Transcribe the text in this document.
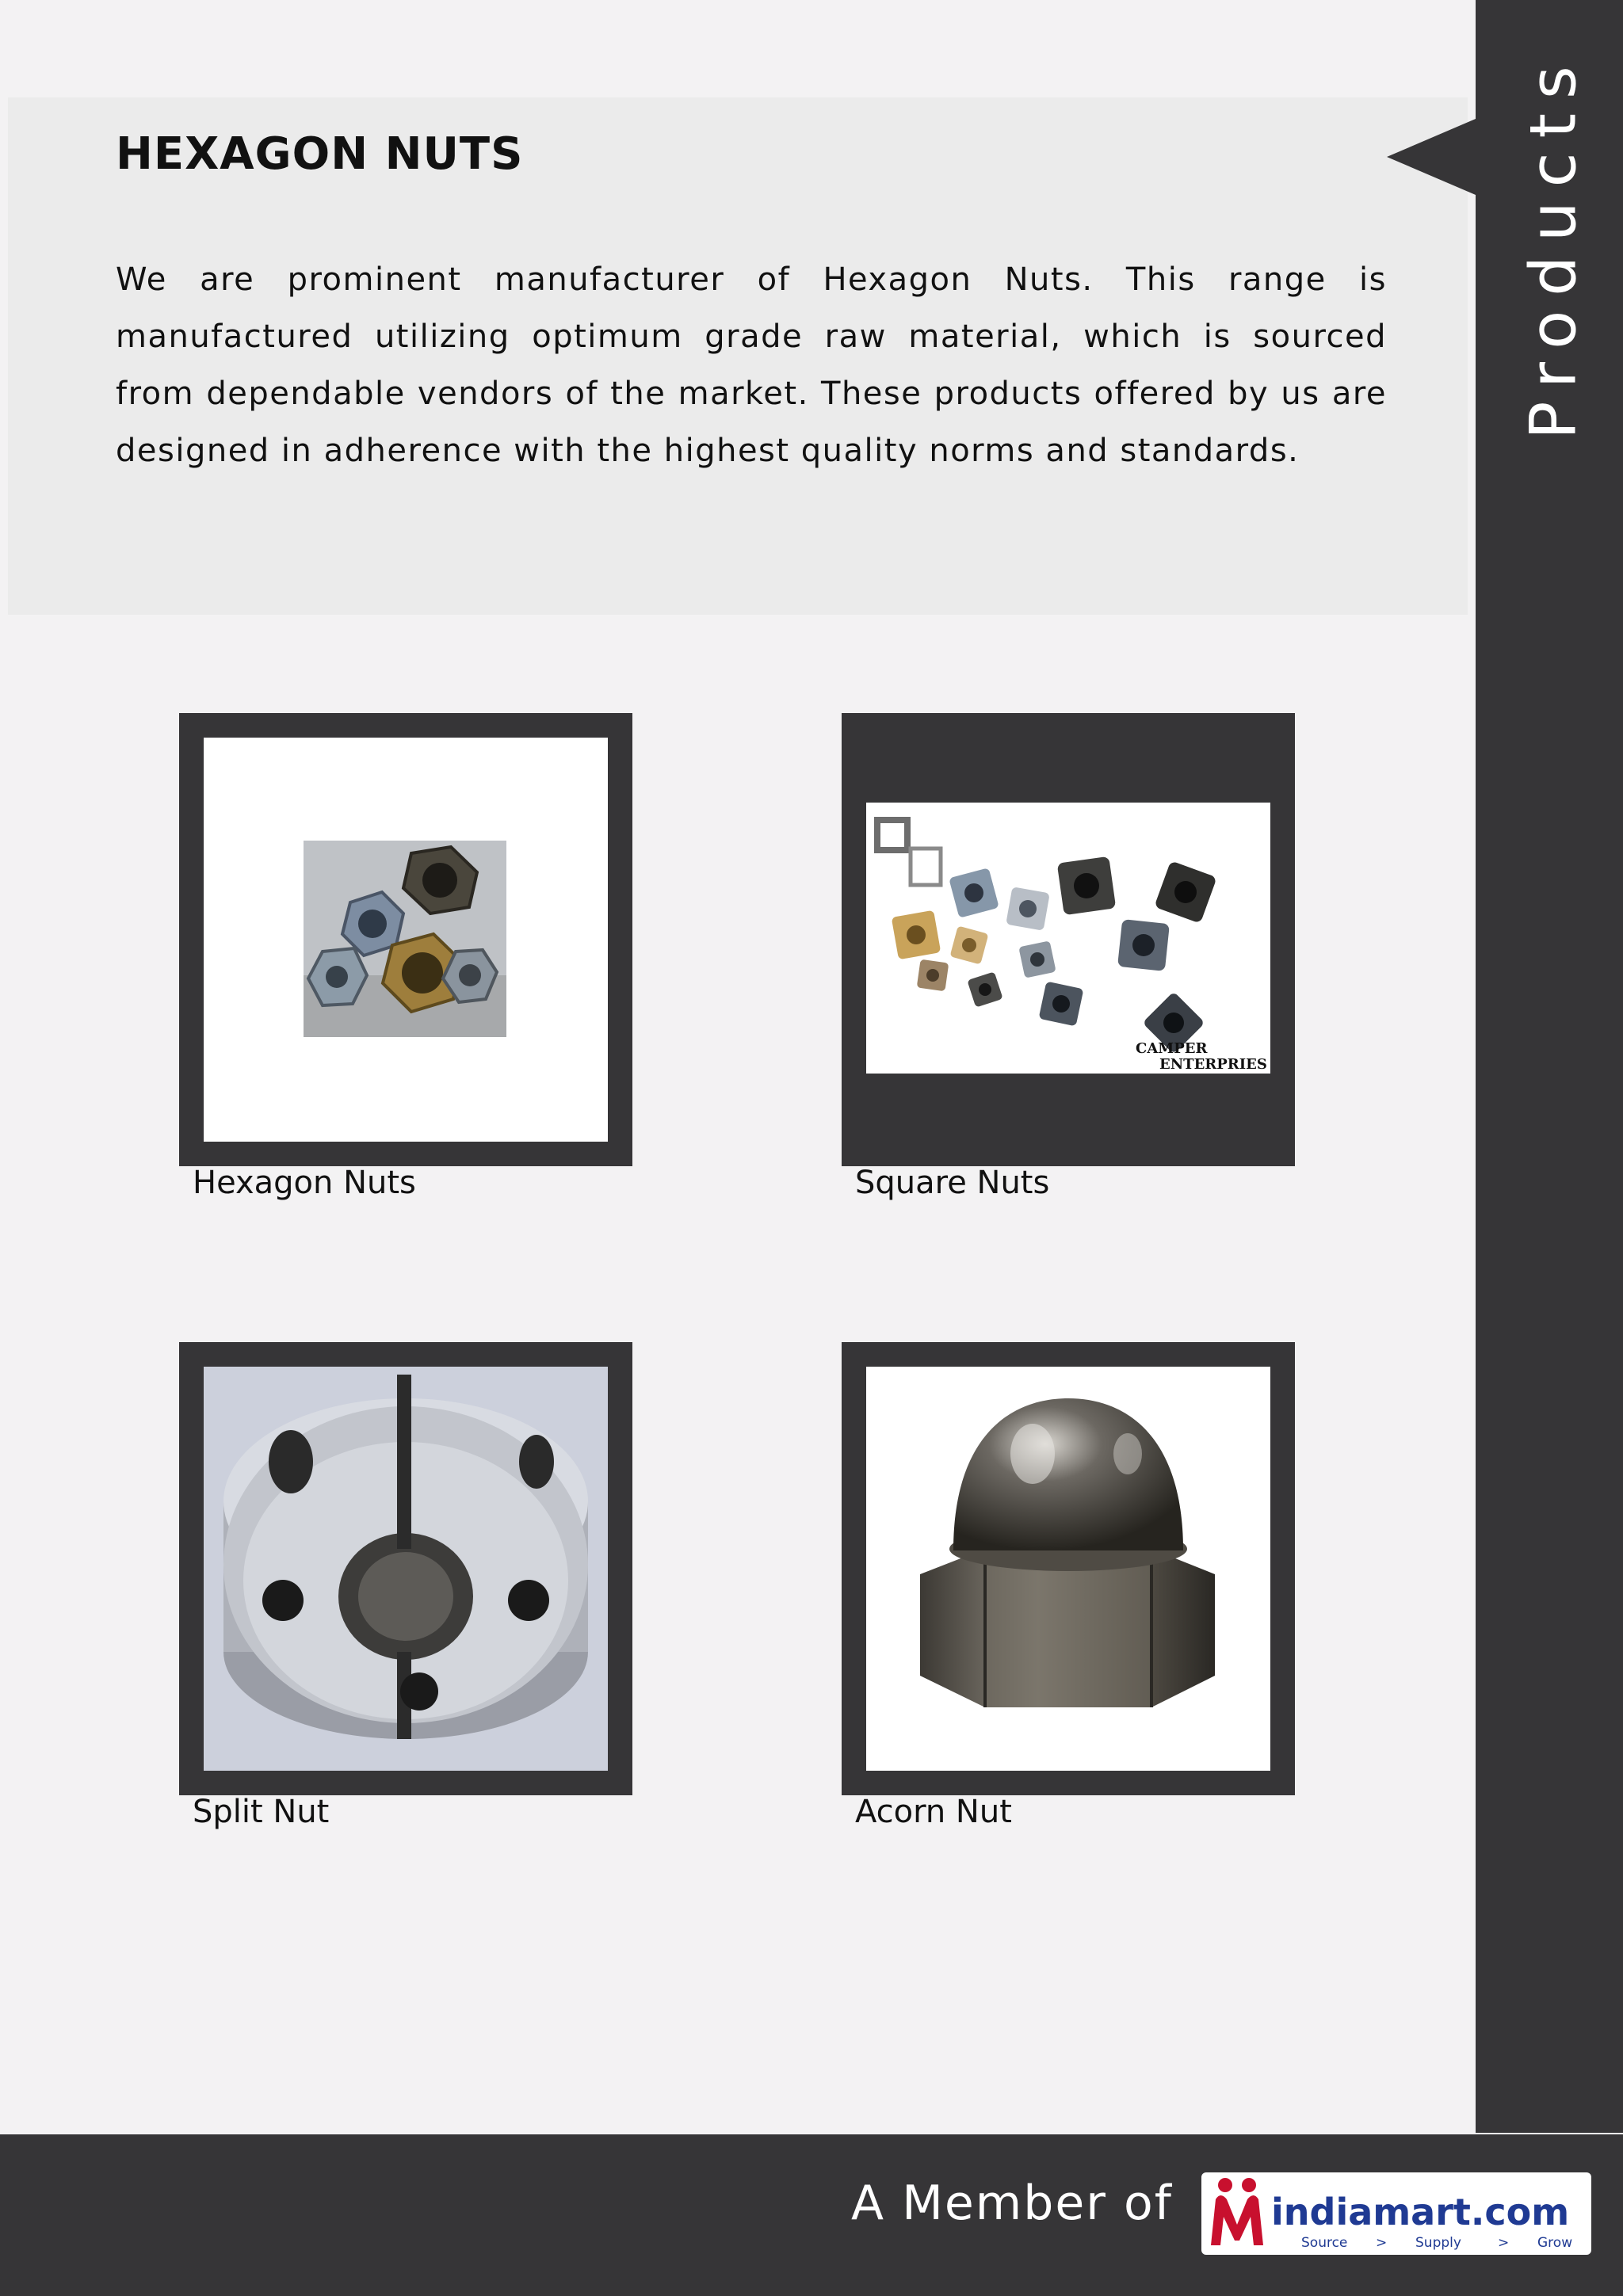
HEXAGON NUTS
We are prominent manufacturer of Hexagon Nuts. This range is manufactured utilizing optimum grade raw material, which is sourced from dependable vendors of the market. These products offered by us are designed in adherence with the highest quality norms and standards.
Products
Hexagon Nuts
CAMPER
ENTERPRIES
Square Nuts
Split Nut	Acorn Nut
A Member of	indiamart.com
Source > Supply	> Grow
